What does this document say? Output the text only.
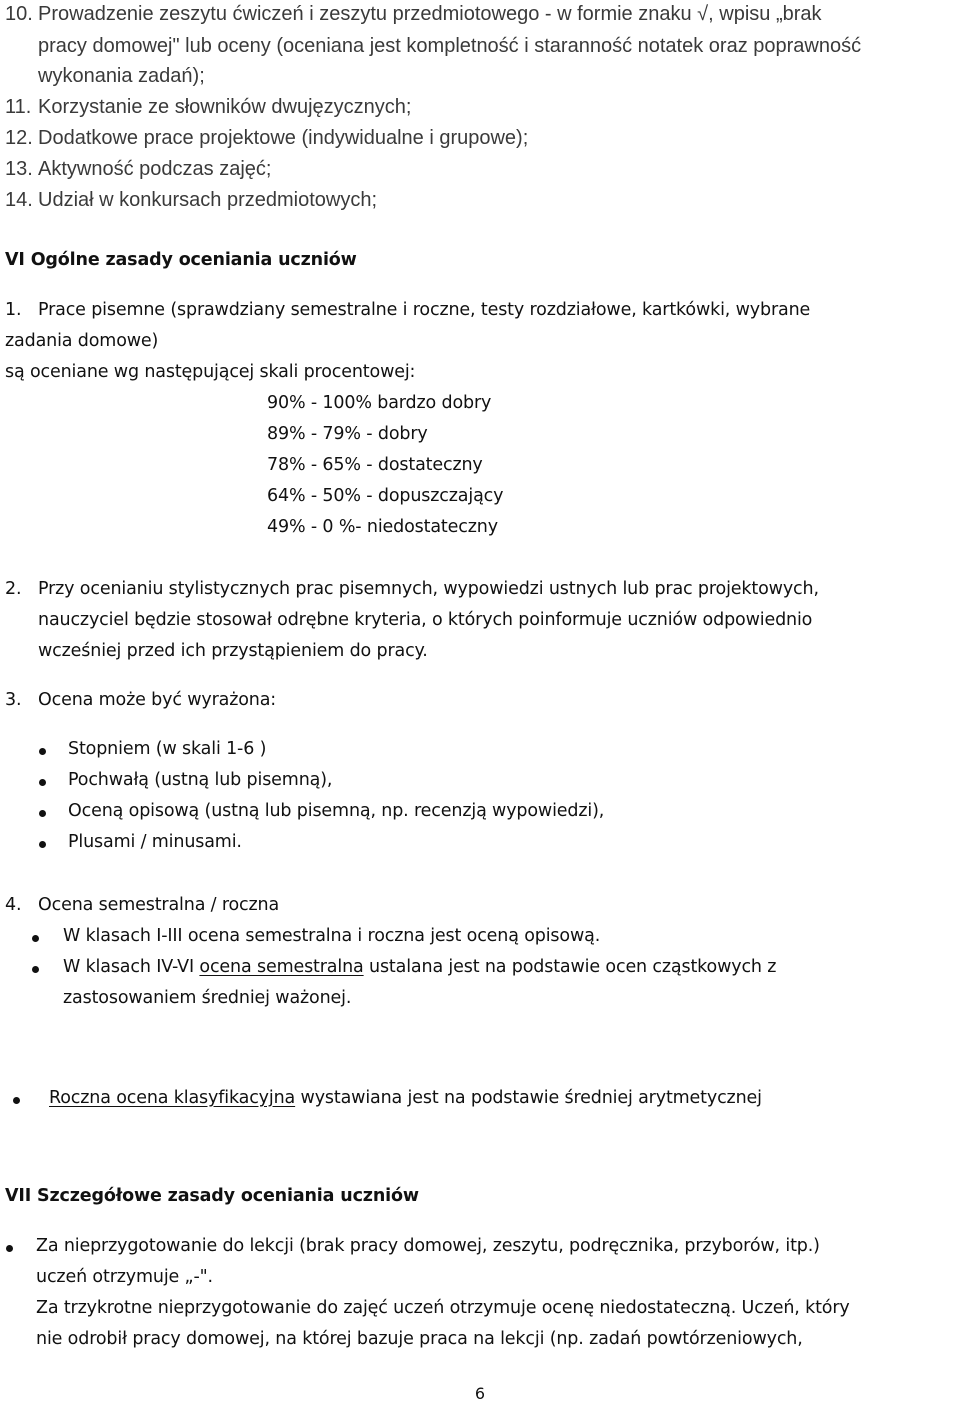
10. Prowadzenie zeszytu ćwiczeń i zeszytu przedmiotowego - w formie znaku √, wpisu „brak
pracy domowej" lub oceny (oceniana jest kompletność i staranność notatek oraz poprawność
wykonania zadań);
11. Korzystanie ze słowników dwujęzycznych;
12. Dodatkowe prace projektowe (indywidualne i grupowe);
13. Aktywność podczas zajęć;
14. Udział w konkursach przedmiotowych;
VI Ogólne zasady oceniania uczniów
1. Prace pisemne (sprawdziany semestralne i roczne, testy rozdziałowe, kartkówki, wybrane
zadania domowe)
są oceniane wg następującej skali procentowej:
90% - 100% bardzo dobry
89% - 79% - dobry
78% - 65% - dostateczny
64% - 50% - dopuszczający
49% - 0 %- niedostateczny
2. Przy ocenianiu stylistycznych prac pisemnych, wypowiedzi ustnych lub prac projektowych,
nauczyciel będzie stosował odrębne kryteria, o których poinformuje uczniów odpowiednio
wcześniej przed ich przystąpieniem do pracy.
3. Ocena może być wyrażona:
Stopniem (w skali 1-6 )
Pochwałą (ustną lub pisemną),
Oceną opisową (ustną lub pisemną, np. recenzją wypowiedzi),
Plusami / minusami.
4. Ocena semestralna / roczna
W klasach I-III ocena semestralna i roczna jest oceną opisową.
W klasach IV-VI ocena semestralna ustalana jest na podstawie ocen cząstkowych z
zastosowaniem średniej ważonej.
Roczna ocena klasyfikacyjna wystawiana jest na podstawie średniej arytmetycznej
VII Szczegółowe zasady oceniania uczniów
Za nieprzygotowanie do lekcji (brak pracy domowej, zeszytu, podręcznika, przyborów, itp.)
uczeń otrzymuje „-".
Za trzykrotne nieprzygotowanie do zajęć uczeń otrzymuje ocenę niedostateczną. Uczeń, który
nie odrobił pracy domowej, na której bazuje praca na lekcji (np. zadań powtórzeniowych,
6
